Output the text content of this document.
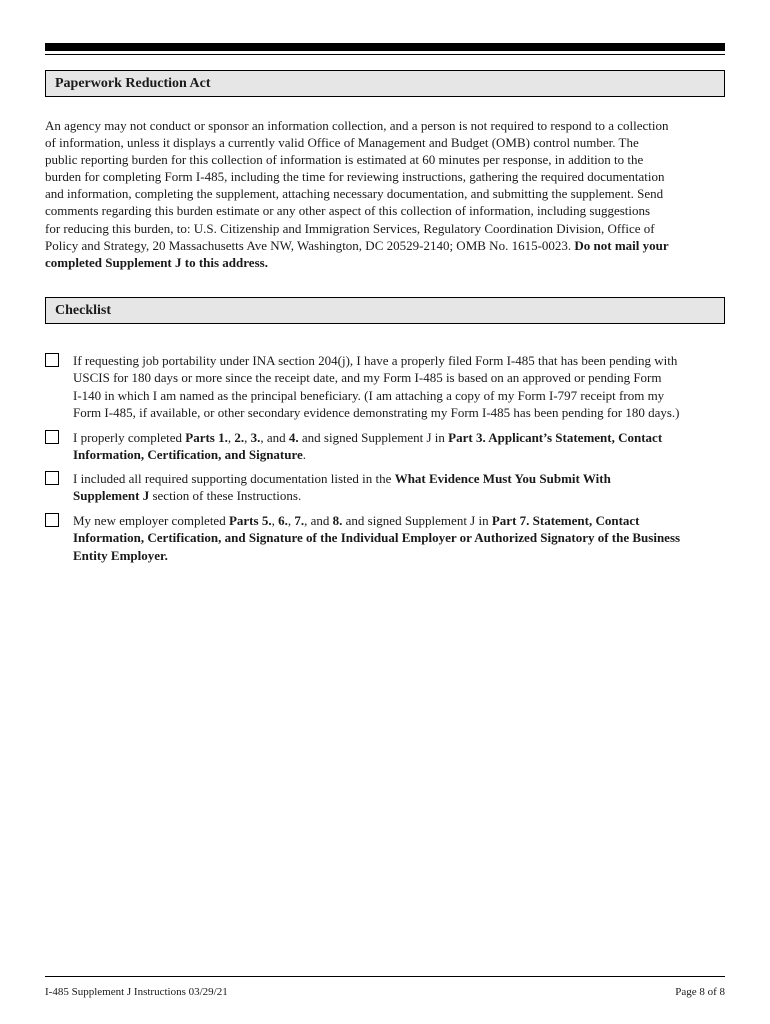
Paperwork Reduction Act

An agency may not conduct or sponsor an information collection, and a person is not required to respond to a collection
of information, unless it displays a currently valid Office of Management and Budget (OMB) control number. The
public reporting burden for this collection of information is estimated at 60 minutes per response, in addition to the
burden for completing Form I-485, including the time for reviewing instructions, gathering the required documentation
and information, completing the supplement, attaching necessary documentation, and submitting the supplement. Send
comments regarding this burden estimate or any other aspect of this collection of information, including suggestions
for reducing this burden, to: U.S. Citizenship and Immigration Services, Regulatory Coordination Division, Office of
Policy and Strategy, 20 Massachusetts Ave NW, Washington, DC 20529-2140; OMB No. 1615-0023. Do not mail your
completed Supplement J to this address.

Checklist
If requesting job portability under INA section 204(j), I have a properly filed Form I-485 that has been pending with
USCIS for 180 days or more since the receipt date, and my Form I-485 is based on an approved or pending Form
I-140 in which I am named as the principal beneficiary. (I am attaching a copy of my Form I-797 receipt from my
Form I-485, if available, or other secondary evidence demonstrating my Form I-485 has been pending for 180 days.)
I properly completed Parts 1., 2., 3., and 4. and signed Supplement J in Part 3. Applicant’s Statement, Contact
Information, Certification, and Signature.
I included all required supporting documentation listed in the What Evidence Must You Submit With
Supplement J section of these Instructions.
My new employer completed Parts 5., 6., 7., and 8. and signed Supplement J in Part 7. Statement, Contact
Information, Certification, and Signature of the Individual Employer or Authorized Signatory of the Business
Entity Employer.
I-485 Supplement J Instructions 03/29/21	Page 8 of 8
